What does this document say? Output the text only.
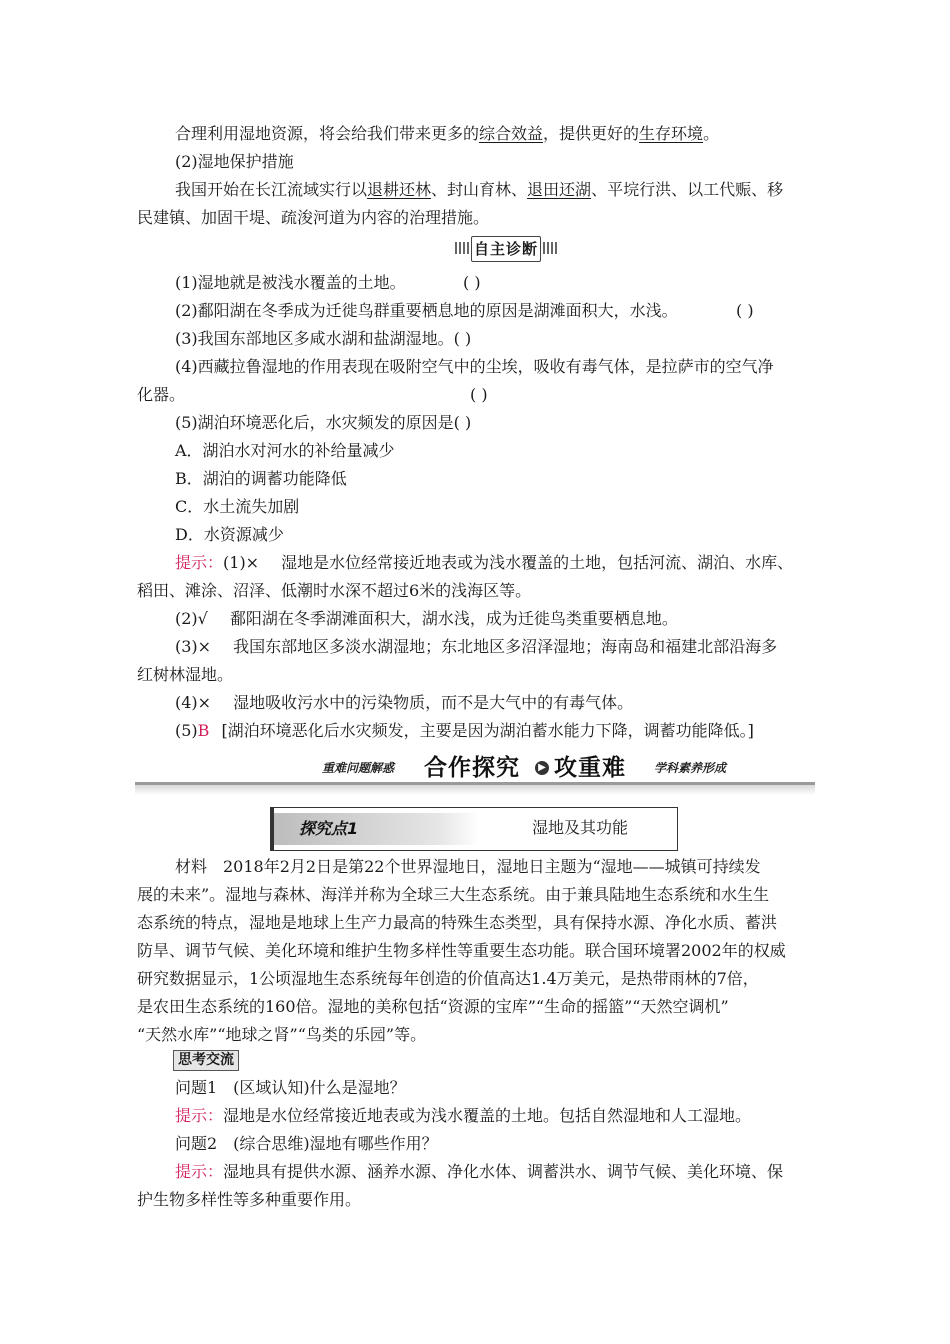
合理利用湿地资源，将会给我们带来更多的综合效益，提供更好的生存环境。
(2)湿地保护措施
我国开始在长江流域实行以退耕还林、封山育林、退田还湖、平垸行洪、以工代赈、移
民建镇、加固干堤、疏浚河道为内容的治理措施。
自主诊断
(1)湿地就是被浅水覆盖的土地。	( )
(2)鄱阳湖在冬季成为迁徙鸟群重要栖息地的原因是湖滩面积大，水浅。	( )
(3)我国东部地区多咸水湖和盐湖湿地。( )
(4)西藏拉鲁湿地的作用表现在吸附空气中的尘埃，吸收有毒气体，是拉萨市的空气净
化器。	( )
(5)湖泊环境恶化后，水灾频发的原因是( )
A．湖泊水对河水的补给量减少
B．湖泊的调蓄功能降低
C．水土流失加剧
D．水资源减少
提示：(1)× 湿地是水位经常接近地表或为浅水覆盖的土地，包括河流、湖泊、水库、
稻田、滩涂、沼泽、低潮时水深不超过6米的浅海区等。
(2)√ 鄱阳湖在冬季湖滩面积大，湖水浅，成为迁徙鸟类重要栖息地。
(3)× 我国东部地区多淡水湖湿地；东北地区多沼泽湿地；海南岛和福建北部沿海多
红树林湿地。
(4)× 湿地吸收污水中的污染物质，而不是大气中的有毒气体。
(5)B [湖泊环境恶化后水灾频发，主要是因为湖泊蓄水能力下降，调蓄功能降低。]
重难问题解惑 合作探究	▶ 攻重难 学科素养形成
探究点1	湿地及其功能
材料　2018年2月2日是第22个世界湿地日，湿地日主题为“湿地——城镇可持续发
展的未来”。湿地与森林、海洋并称为全球三大生态系统。由于兼具陆地生态系统和水生生
态系统的特点，湿地是地球上生产力最高的特殊生态类型，具有保持水源、净化水质、蓄洪
防旱、调节气候、美化环境和维护生物多样性等重要生态功能。联合国环境署2002年的权威
研究数据显示，1公顷湿地生态系统每年创造的价值高达1.4万美元，是热带雨林的7倍，
是农田生态系统的160倍。湿地的美称包括“资源的宝库”“生命的摇篮”“天然空调机”
“天然水库”“地球之肾”“鸟类的乐园”等。
思考交流
问题1　(区域认知)什么是湿地？
提示：湿地是水位经常接近地表或为浅水覆盖的土地。包括自然湿地和人工湿地。
问题2　(综合思维)湿地有哪些作用？
提示：湿地具有提供水源、涵养水源、净化水体、调蓄洪水、调节气候、美化环境、保
护生物多样性等多种重要作用。
